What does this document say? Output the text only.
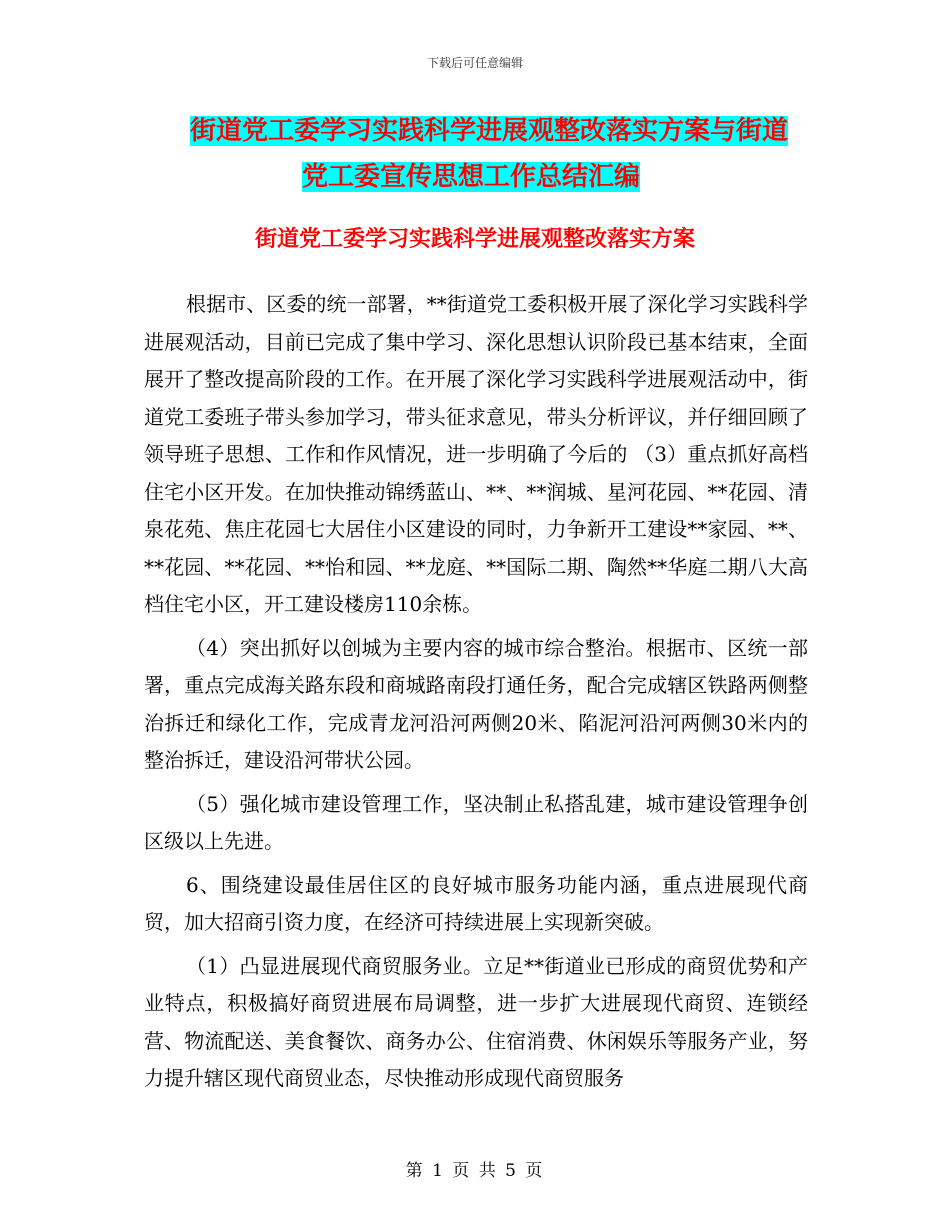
下载后可任意编辑
街道党工委学习实践科学进展观整改落实方案与街道
党工委宣传思想工作总结汇编
街道党工委学习实践科学进展观整改落实方案

根据市、区委的统一部署，**街道党工委积极开展了深化学习实践科学进展观活动，目前已完成了集中学习、深化思想认识阶段已基本结束，全面展开了整改提高阶段的工作。在开展了深化学习实践科学进展观活动中，街道党工委班子带头参加学习，带头征求意见，带头分析评议，并仔细回顾了领导班子思想、工作和作风情况，进一步明确了今后的 （3）重点抓好高档住宅小区开发。在加快推动锦绣蓝山、**、**润城、星河花园、**花园、清泉花苑、焦庄花园七大居住小区建设的同时，力争新开工建设**家园、**、**花园、**花园、**怡和园、**龙庭、**国际二期、陶然**华庭二期八大高档住宅小区，开工建设楼房110余栋。

（4）突出抓好以创城为主要内容的城市综合整治。根据市、区统一部署，重点完成海关路东段和商城路南段打通任务，配合完成辖区铁路两侧整治拆迁和绿化工作，完成青龙河沿河两侧20米、陷泥河沿河两侧30米内的整治拆迁，建设沿河带状公园。

（5）强化城市建设管理工作，坚决制止私搭乱建，城市建设管理争创区级以上先进。

6、围绕建设最佳居住区的良好城市服务功能内涵，重点进展现代商贸，加大招商引资力度，在经济可持续进展上实现新突破。

（1）凸显进展现代商贸服务业。立足**街道业已形成的商贸优势和产业特点，积极搞好商贸进展布局调整，进一步扩大进展现代商贸、连锁经营、物流配送、美食餐饮、商务办公、住宿消费、休闲娱乐等服务产业，努力提升辖区现代商贸业态，尽快推动形成现代商贸服务

第 1 页 共 5 页
